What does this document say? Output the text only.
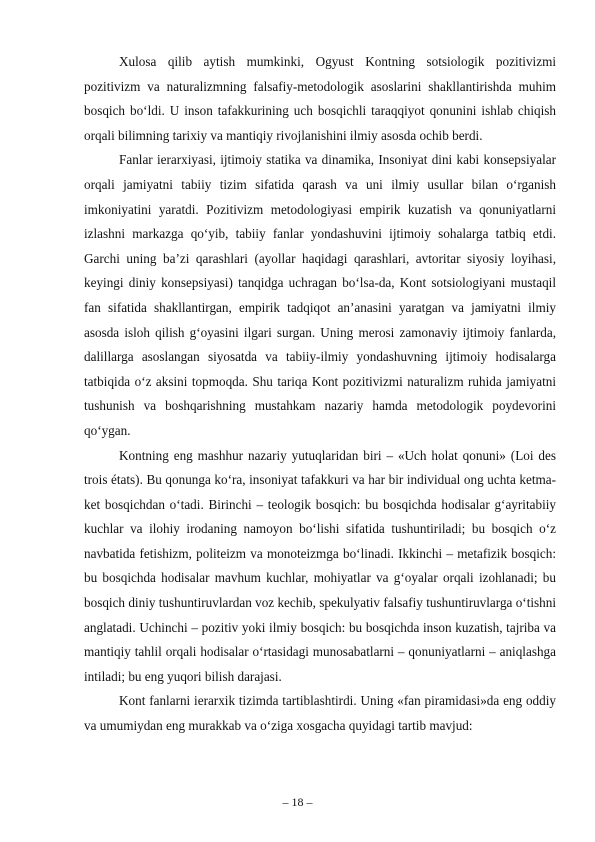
Xulosa qilib aytish mumkinki, Ogyust Kontning sotsiologik pozitivizmi pozitivizm va naturalizmning falsafiy-metodologik asoslarini shakllantirishda muhim bosqich bo‘ldi. U inson tafakkurining uch bosqichli taraqqiyot qonunini ishlab chiqish orqali bilimning tarixiy va mantiqiy rivojlanishini ilmiy asosda ochib berdi.

Fanlar ierarxiyasi, ijtimoiy statika va dinamika, Insoniyat dini kabi konsepsiyalar orqali jamiyatni tabiiy tizim sifatida qarash va uni ilmiy usullar bilan o‘rganish imkoniyatini yaratdi. Pozitivizm metodologiyasi empirik kuzatish va qonuniyatlarni izlashni markazga qo‘yib, tabiiy fanlar yondashuvini ijtimoiy sohalarga tatbiq etdi. Garchi uning ba’zi qarashlari (ayollar haqidagi qarashlari, avtoritar siyosiy loyihasi, keyingi diniy konsepsiyasi) tanqidga uchragan bo‘lsa-da, Kont sotsiologiyani mustaqil fan sifatida shakllantirgan, empirik tadqiqot an’anasini yaratgan va jamiyatni ilmiy asosda isloh qilish g‘oyasini ilgari surgan. Uning merosi zamonaviy ijtimoiy fanlarda, dalillarga asoslangan siyosatda va tabiiy-ilmiy yondashuvning ijtimoiy hodisalarga tatbiqida o‘z aksini topmoqda. Shu tariqa Kont pozitivizmi naturalizm ruhida jamiyatni tushunish va boshqarishning mustahkam nazariy hamda metodologik poydevorini qo‘ygan.

Kontning eng mashhur nazariy yutuqlaridan biri – «Uch holat qonuni» (Loi des trois états). Bu qonunga ko‘ra, insoniyat tafakkuri va har bir individual ong uchta ketma-ket bosqichdan o‘tadi. Birinchi – teologik bosqich: bu bosqichda hodisalar g‘ayritabiiy kuchlar va ilohiy irodaning namoyon bo‘lishi sifatida tushuntiriladi; bu bosqich o‘z navbatida fetishizm, politeizm va monoteizmga bo‘linadi. Ikkinchi – metafizik bosqich: bu bosqichda hodisalar mavhum kuchlar, mohiyatlar va g‘oyalar orqali izohlanadi; bu bosqich diniy tushuntiruvlardan voz kechib, spekulyativ falsafiy tushuntiruvlarga o‘tishni anglatadi. Uchinchi – pozitiv yoki ilmiy bosqich: bu bosqichda inson kuzatish, tajriba va mantiqiy tahlil orqali hodisalar o‘rtasidagi munosabatlarni – qonuniyatlarni – aniqlashga intiladi; bu eng yuqori bilish darajasi.

Kont fanlarni ierarxik tizimda tartiblashtirdi. Uning «fan piramidasi»da eng oddiy va umumiydan eng murakkab va o‘ziga xosgacha quyidagi tartib mavjud:

– 18 –
